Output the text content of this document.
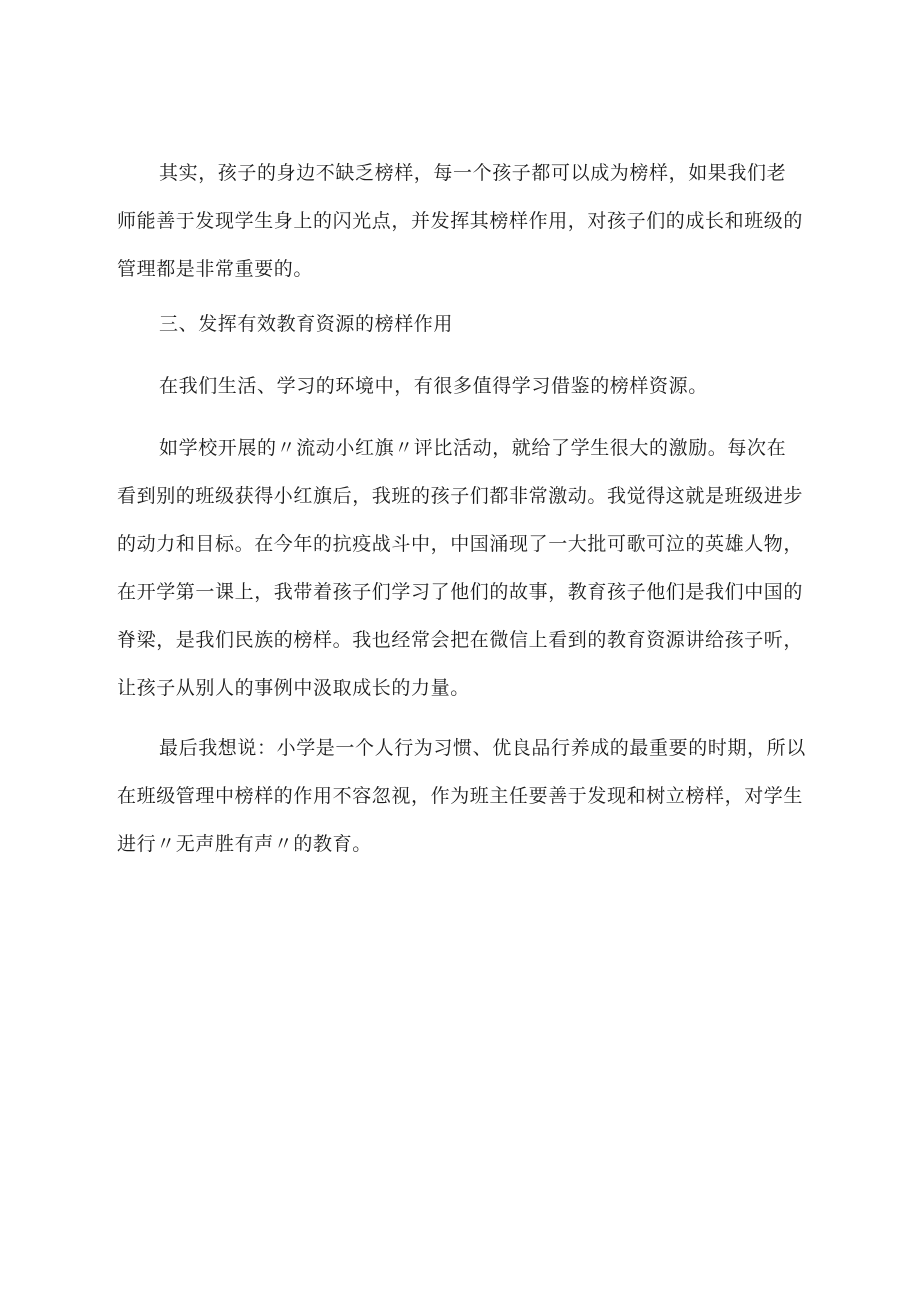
其实，孩子的身边不缺乏榜样，每一个孩子都可以成为榜样，如果我们老

师能善于发现学生身上的闪光点，并发挥其榜样作用，对孩子们的成长和班级的

管理都是非常重要的。

三、发挥有效教育资源的榜样作用

在我们生活、学习的环境中，有很多值得学习借鉴的榜样资源。

如学校开展的〃流动小红旗〃评比活动，就给了学生很大的激励。每次在

看到别的班级获得小红旗后，我班的孩子们都非常激动。我觉得这就是班级进步

的动力和目标。在今年的抗疫战斗中，中国涌现了一大批可歌可泣的英雄人物，

在开学第一课上，我带着孩子们学习了他们的故事，教育孩子他们是我们中国的

脊梁，是我们民族的榜样。我也经常会把在微信上看到的教育资源讲给孩子听，

让孩子从别人的事例中汲取成长的力量。

最后我想说：小学是一个人行为习惯、优良品行养成的最重要的时期，所以

在班级管理中榜样的作用不容忽视，作为班主任要善于发现和树立榜样，对学生

进行〃无声胜有声〃的教育。
